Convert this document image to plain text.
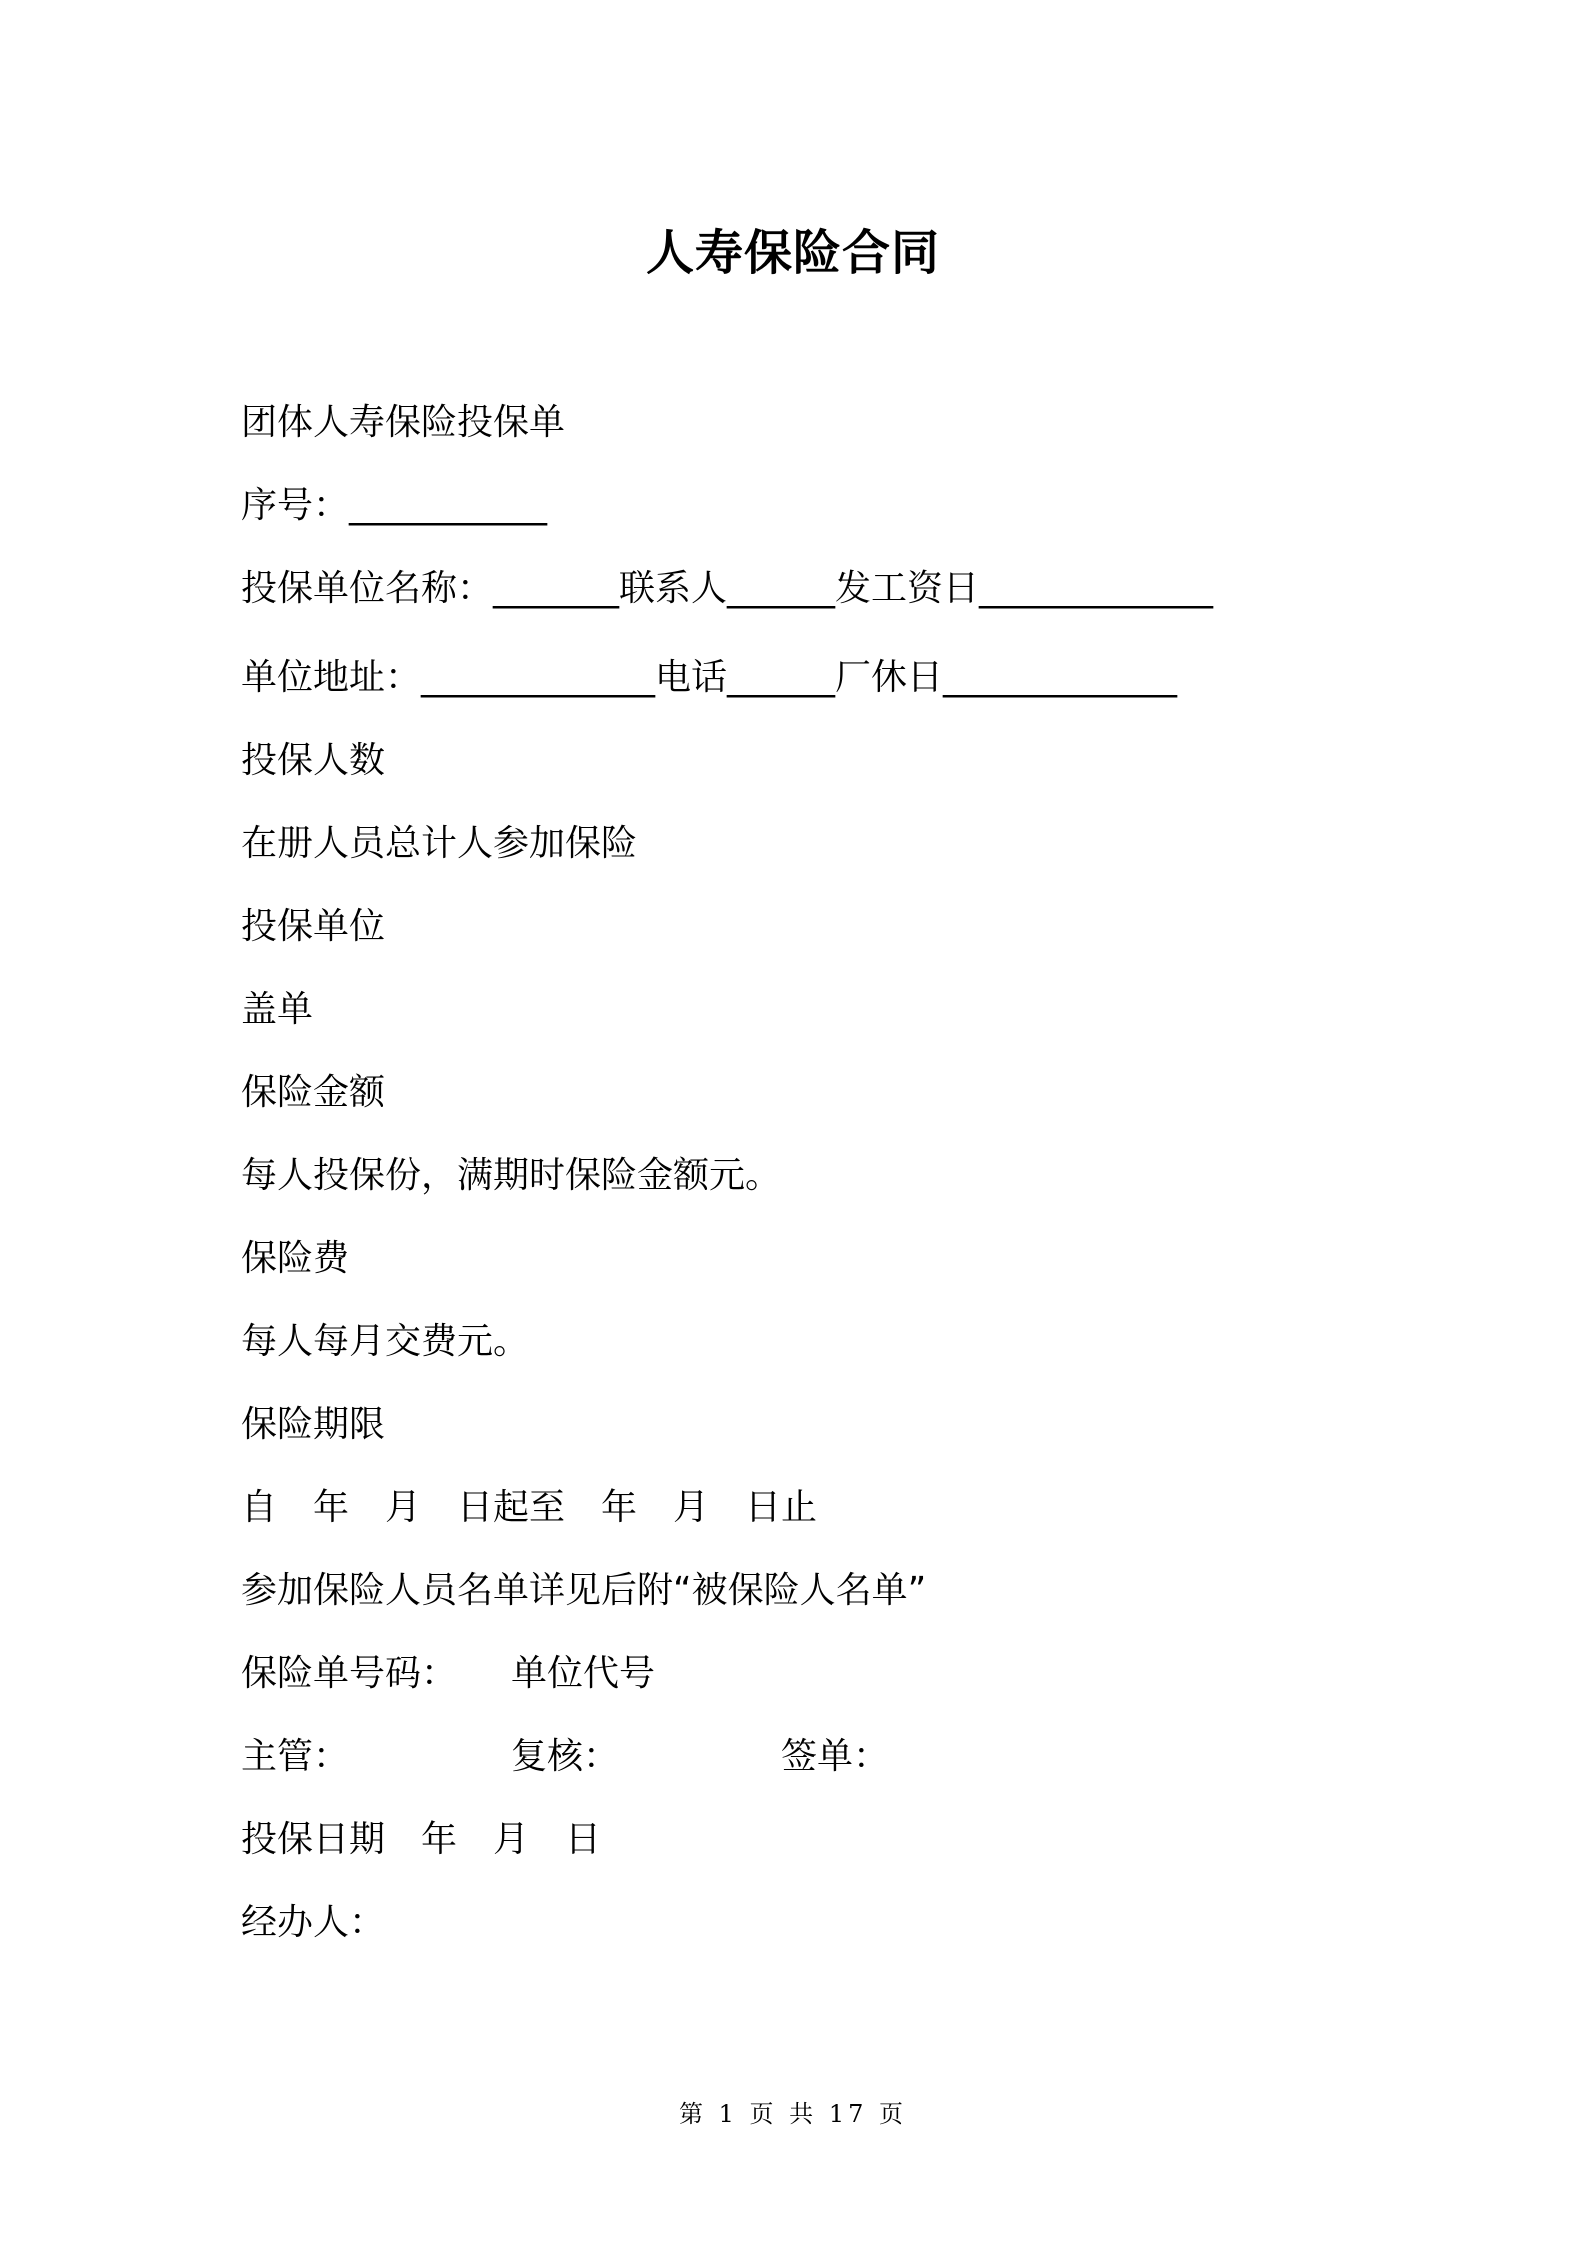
人寿保险合同
团体人寿保险投保单
序号：___________
投保单位名称：_______联系人______发工资日_____________
单位地址：_____________电话______厂休日_____________
投保人数
在册人员总计人参加保险
投保单位
盖单
保险金额
每人投保份，满期时保险金额元。
保险费
每人每月交费元。
保险期限
自　年　月　日起至　年　月　日止
参加保险人员名单详见后附“被保险人名单”
保险单号码：　　单位代号
主管：　　　　　复核：　　　　　签单：
投保日期　年　月　日
经办人：
第 1 页 共 17 页
